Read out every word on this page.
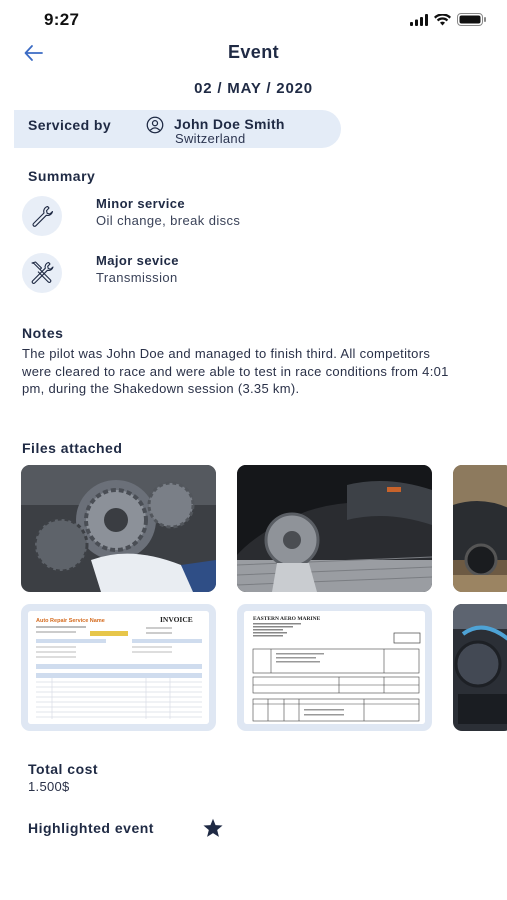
9:27
Event
02 / MAY / 2020
Serviced by	John Doe Smith
Switzerland
Summary
Minor service
Oil change, break discs
Major sevice
Transmission
Notes

The pilot was John Doe and managed to finish third. All competitors were cleared to race and were able to test in race conditions from 4:01 pm, during the Shakedown session (3.35 km).

Files attached
Auto Repair Service Name	INVOICE	EASTERN AERO MARINE
Total cost
1.500$
Highlighted event
